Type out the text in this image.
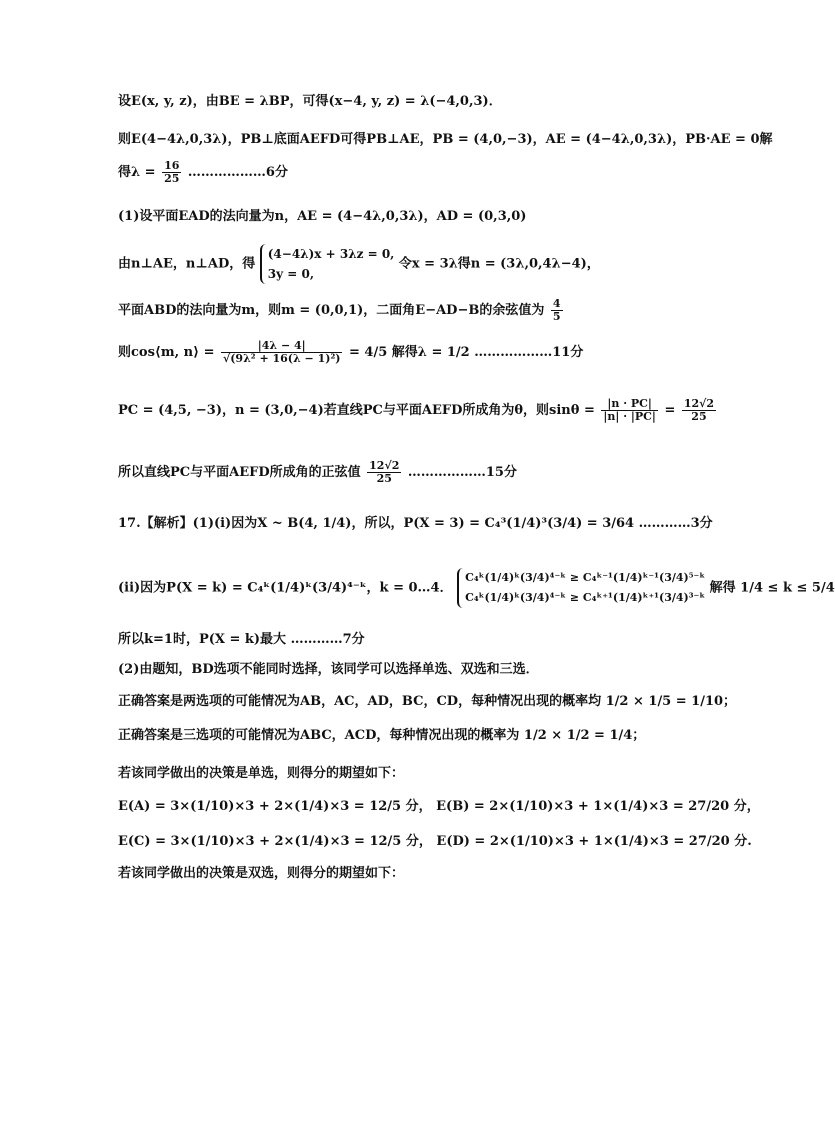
设E(x, y, z)，由BE = λBP，可得(x−4, y, z) = λ(−4,0,3)．
则E(4−4λ,0,3λ)，PB⊥底面AEFD可得PB⊥AE，PB = (4,0,−3)，AE = (4−4λ,0,3λ)，PB·AE = 0解
得$\lambda = \frac{16}{25}$ ………………6分
(1)设平面EAD的法向量为n，AE = (4−4λ,0,3λ)，AD = (0,3,0)
由n⊥AE，n⊥AD，得
(4−4λ)x + 3λz = 0,
3y = 0,
令x = 3λ得n = (3λ,0,4λ−4)，
平面ABD的法向量为m，则m = (0,0,1)，二面角E−AD−B的余弦值为 $\frac{4}{5}$
则cos⟨m, n⟩ = $\frac{|4\lambda - 4|}{\text{√(9λ² + 16(λ − 1)²)}} = 4/5$ 解得λ = 1/2 ………………11分
PC = (4,5, −3)，n = (3,0,−4)若直线PC与平面AEFD所成角为θ，则$\sin\theta = \frac{|n \cdot PC|}{|n| \cdot |PC|} = \frac{12√2}{25}$
所以直线PC与平面AEFD所成角的正弦值 $\frac{12√2}{25}$ ………………15分
17.【解析】(1)(i)因为X ~ B(4, 1/4)，所以，P(X = 3) = C₄³(1/4)³(3/4) = 3/64 …………3分
(ii)因为P(X = k) = C₄ᵏ(1/4)ᵏ(3/4)⁴⁻ᵏ，k = 0…4．
C₄ᵏ(1/4)ᵏ(3/4)⁴⁻ᵏ ≥ C₄ᵏ⁻¹(1/4)ᵏ⁻¹(3/4)⁵⁻ᵏ
C₄ᵏ(1/4)ᵏ(3/4)⁴⁻ᵏ ≥ C₄ᵏ⁺¹(1/4)ᵏ⁺¹(3/4)³⁻ᵏ
解得 1/4 ≤ k ≤ 5/4
所以k=1时，P(X = k)最大 …………7分
(2)由题知，BD选项不能同时选择，该同学可以选择单选、双选和三选．
正确答案是两选项的可能情况为AB，AC，AD，BC，CD，每种情况出现的概率均 1/2 × 1/5 = 1/10；
正确答案是三选项的可能情况为ABC，ACD，每种情况出现的概率为 1/2 × 1/2 = 1/4；
若该同学做出的决策是单选，则得分的期望如下：
E(A) = 3×(1/10)×3 + 2×(1/4)×3 = 12/5 分， E(B) = 2×(1/10)×3 + 1×(1/4)×3 = 27/20 分，
E(C) = 3×(1/10)×3 + 2×(1/4)×3 = 12/5 分， E(D) = 2×(1/10)×3 + 1×(1/4)×3 = 27/20 分.
若该同学做出的决策是双选，则得分的期望如下：
